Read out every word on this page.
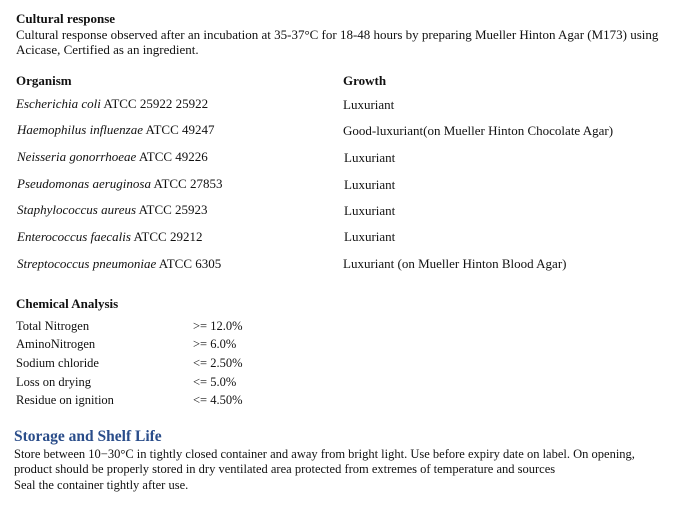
Cultural response
Cultural response observed after an incubation at 35-37°C for 18-48 hours by preparing Mueller Hinton Agar (M173) using
Acicase, Certified as an ingredient.
Organism	Growth
Escherichia coli ATCC 25922 25922	Luxuriant
Haemophilus influenzae ATCC 49247	Good-luxuriant(on Mueller Hinton Chocolate Agar)
Neisseria gonorrhoeae ATCC 49226	Luxuriant
Pseudomonas aeruginosa ATCC 27853	Luxuriant
Staphylococcus aureus ATCC 25923	Luxuriant
Enterococcus faecalis ATCC 29212	Luxuriant
Streptococcus pneumoniae ATCC 6305	Luxuriant (on Mueller Hinton Blood Agar)
Chemical Analysis
Total Nitrogen	>= 12.0%
AminoNitrogen	>= 6.0%
Sodium chloride	<= 2.50%
Loss on drying	<= 5.0%
Residue on ignition	<= 4.50%
Storage and Shelf Life
Store between 10−30°C in tightly closed container and away from bright light. Use before expiry date on label. On opening,
product should be properly stored in dry ventilated area protected from extremes of temperature and sources
Seal the container tightly after use.
